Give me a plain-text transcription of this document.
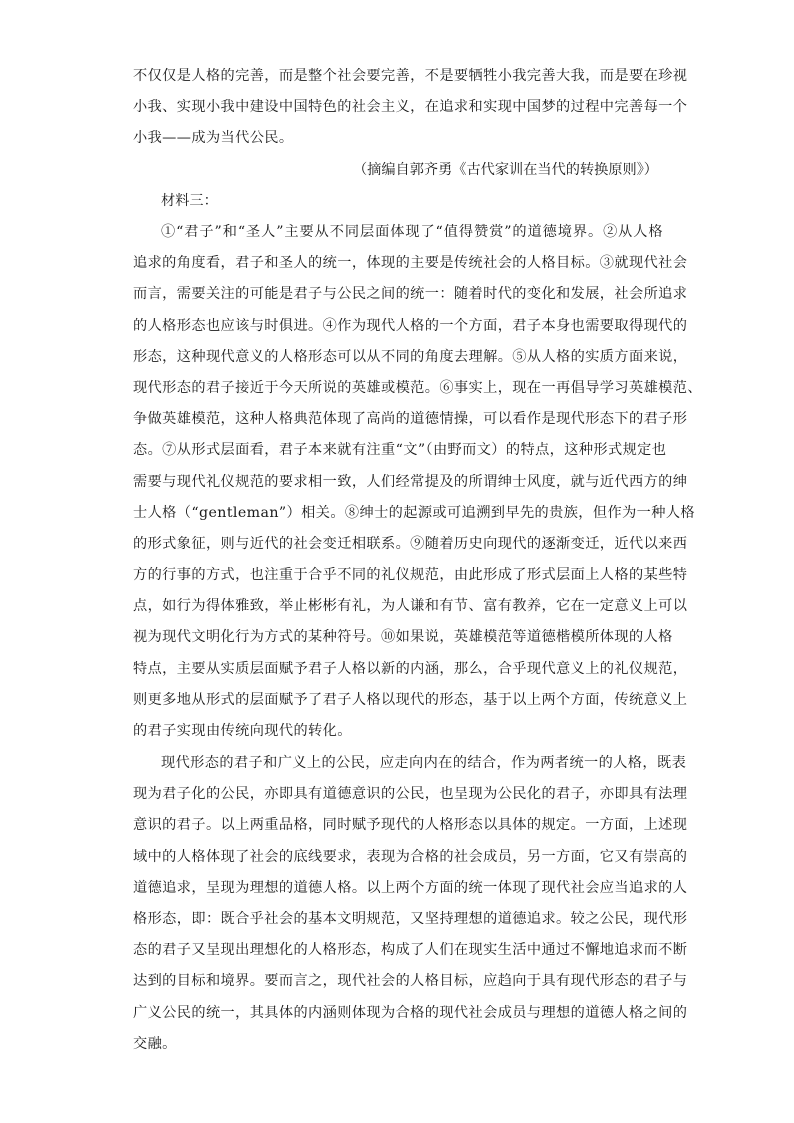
不仅仅是人格的完善，而是整个社会要完善，不是要牺牲小我完善大我，而是要在珍视
小我、实现小我中建设中国特色的社会主义，在追求和实现中国梦的过程中完善每一个
小我——成为当代公民。
（摘编自郭齐勇《古代家训在当代的转换原则》）
材料三：
①“君子”和“圣人”主要从不同层面体现了“值得赞赏”的道德境界。②从人格
追求的角度看，君子和圣人的统一，体现的主要是传统社会的人格目标。③就现代社会
而言，需要关注的可能是君子与公民之间的统一：随着时代的变化和发展，社会所追求
的人格形态也应该与时俱进。④作为现代人格的一个方面，君子本身也需要取得现代的
形态，这种现代意义的人格形态可以从不同的角度去理解。⑤从人格的实质方面来说，
现代形态的君子接近于今天所说的英雄或模范。⑥事实上，现在一再倡导学习英雄模范、
争做英雄模范，这种人格典范体现了高尚的道德情操，可以看作是现代形态下的君子形
态。⑦从形式层面看，君子本来就有注重“文”（由野而文）的特点，这种形式规定也
需要与现代礼仪规范的要求相一致，人们经常提及的所谓绅士风度，就与近代西方的绅
士人格（“gentleman”）相关。⑧绅士的起源或可追溯到早先的贵族，但作为一种人格
的形式象征，则与近代的社会变迁相联系。⑨随着历史向现代的逐渐变迁，近代以来西
方的行事的方式，也注重于合乎不同的礼仪规范，由此形成了形式层面上人格的某些特
点，如行为得体雅致，举止彬彬有礼，为人谦和有节、富有教养，它在一定意义上可以
视为现代文明化行为方式的某种符号。⑩如果说，英雄模范等道德楷模所体现的人格
特点，主要从实质层面赋予君子人格以新的内涵，那么，合乎现代意义上的礼仪规范，
则更多地从形式的层面赋予了君子人格以现代的形态，基于以上两个方面，传统意义上
的君子实现由传统向现代的转化。
现代形态的君子和广义上的公民，应走向内在的结合，作为两者统一的人格，既表
现为君子化的公民，亦即具有道德意识的公民，也呈现为公民化的君子，亦即具有法理
意识的君子。以上两重品格，同时赋予现代的人格形态以具体的规定。一方面，上述现
域中的人格体现了社会的底线要求，表现为合格的社会成员，另一方面，它又有崇高的
道德追求，呈现为理想的道德人格。以上两个方面的统一体现了现代社会应当追求的人
格形态，即：既合乎社会的基本文明规范，又坚持理想的道德追求。较之公民，现代形
态的君子又呈现出理想化的人格形态，构成了人们在现实生活中通过不懈地追求而不断
达到的目标和境界。要而言之，现代社会的人格目标，应趋向于具有现代形态的君子与
广义公民的统一，其具体的内涵则体现为合格的现代社会成员与理想的道德人格之间的
交融。
